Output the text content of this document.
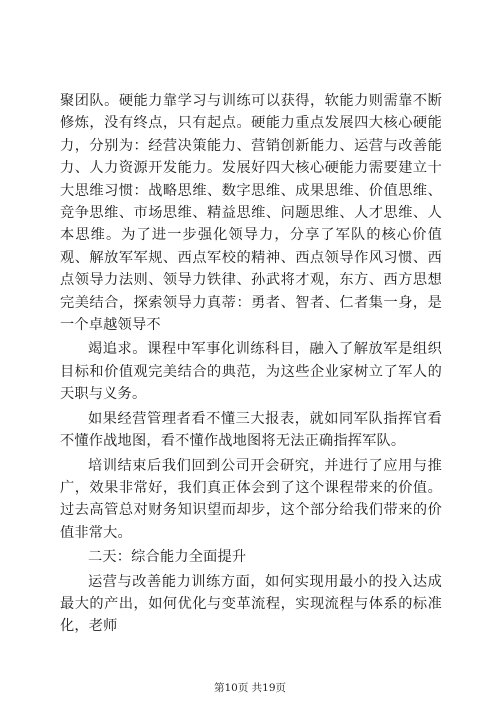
聚团队。硬能力靠学习与训练可以获得，软能力则需靠不断修炼，没有终点，只有起点。硬能力重点发展四大核心硬能力，分别为：经营决策能力、营销创新能力、运营与改善能力、人力资源开发能力。发展好四大核心硬能力需要建立十大思维习惯：战略思维、数字思维、成果思维、价值思维、竞争思维、市场思维、精益思维、问题思维、人才思维、人本思维。为了进一步强化领导力，分享了军队的核心价值观、解放军军规、西点军校的精神、西点领导作风习惯、西点领导力法则、领导力铁律、孙武将才观，东方、西方思想完美结合，探索领导力真蒂：勇者、智者、仁者集一身，是一个卓越领导不

竭追求。课程中军事化训练科目，融入了解放军是组织目标和价值观完美结合的典范，为这些企业家树立了军人的天职与义务。

如果经营管理者看不懂三大报表，就如同军队指挥官看不懂作战地图，看不懂作战地图将无法正确指挥军队。

培训结束后我们回到公司开会研究，并进行了应用与推广，效果非常好，我们真正体会到了这个课程带来的价值。过去高管总对财务知识望而却步，这个部分给我们带来的价值非常大。

二天：综合能力全面提升

运营与改善能力训练方面，如何实现用最小的投入达成最大的产出，如何优化与变革流程，实现流程与体系的标准化，老师

第10页 共19页
